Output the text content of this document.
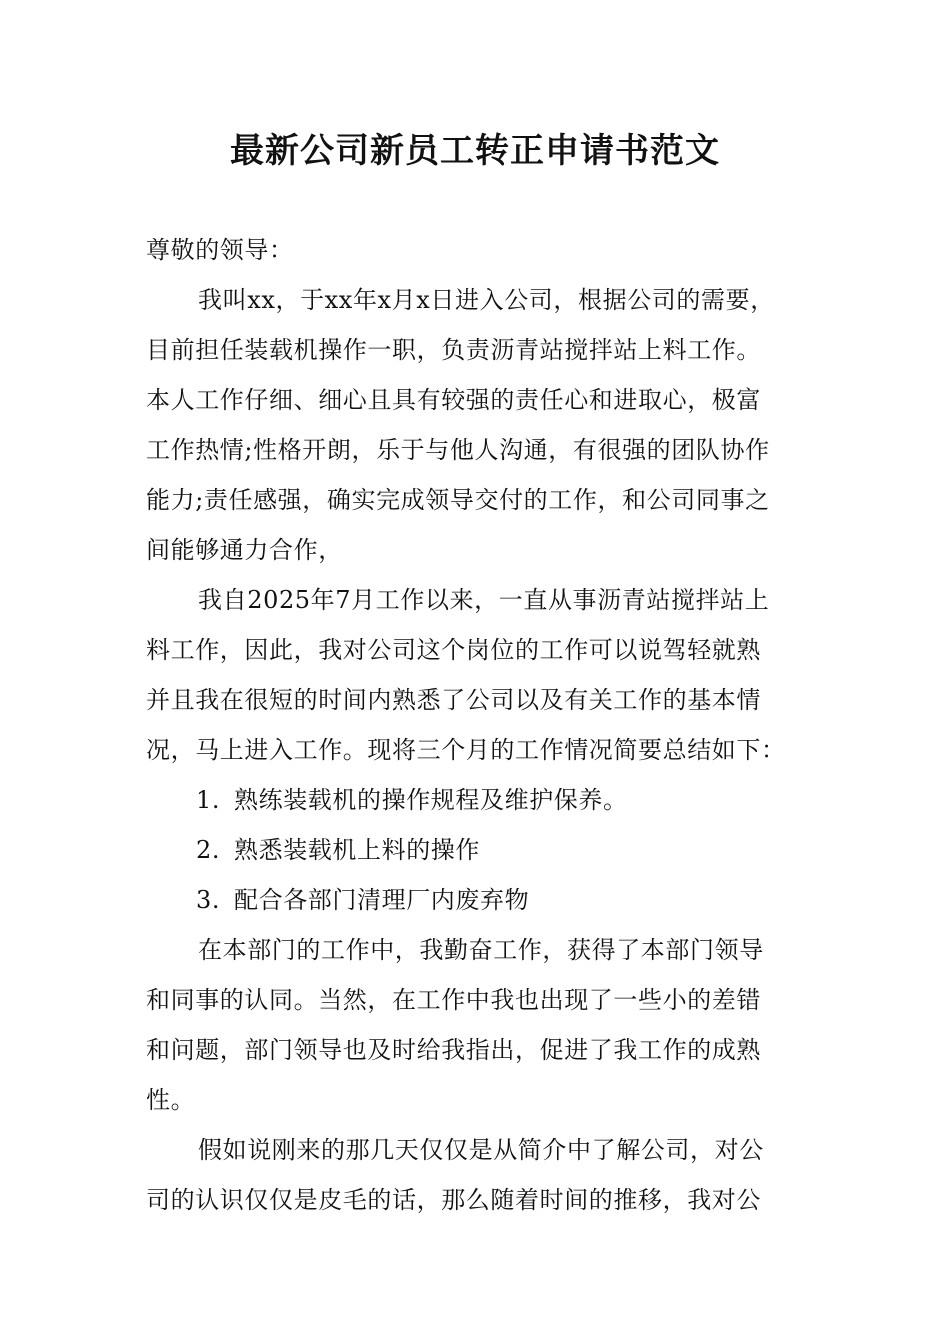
最新公司新员工转正申请书范文
尊敬的领导：
我叫xx，于xx年x月x日进入公司，根据公司的需要，
目前担任装载机操作一职，负责沥青站搅拌站上料工作。
本人工作仔细、细心且具有较强的责任心和进取心，极富
工作热情;性格开朗，乐于与他人沟通，有很强的团队协作
能力;责任感强，确实完成领导交付的工作，和公司同事之
间能够通力合作，
我自2025年7月工作以来，一直从事沥青站搅拌站上
料工作，因此，我对公司这个岗位的工作可以说驾轻就熟
并且我在很短的时间内熟悉了公司以及有关工作的基本情
况，马上进入工作。现将三个月的工作情况简要总结如下：
1. 熟练装载机的操作规程及维护保养。
2. 熟悉装载机上料的操作
3. 配合各部门清理厂内废弃物
在本部门的工作中，我勤奋工作，获得了本部门领导
和同事的认同。当然，在工作中我也出现了一些小的差错
和问题，部门领导也及时给我指出，促进了我工作的成熟
性。
假如说刚来的那几天仅仅是从简介中了解公司，对公
司的认识仅仅是皮毛的话，那么随着时间的推移，我对公
